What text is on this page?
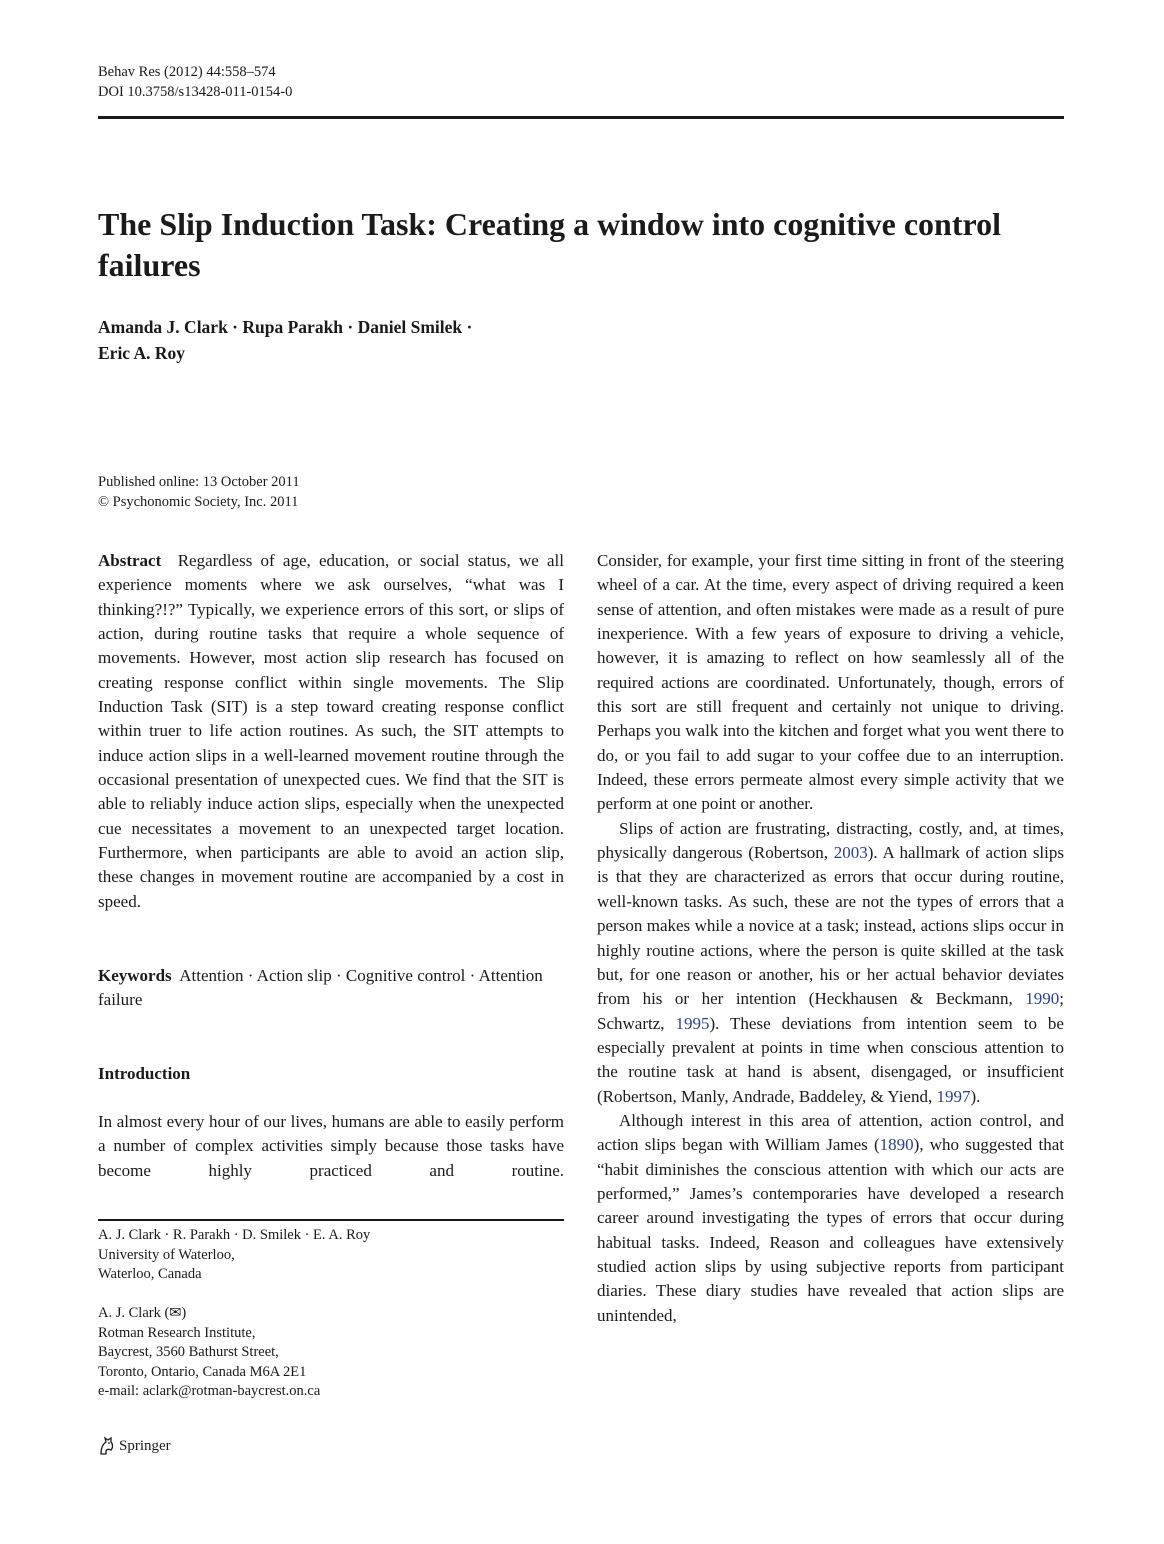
Behav Res (2012) 44:558–574
DOI 10.3758/s13428-011-0154-0
The Slip Induction Task: Creating a window into cognitive control failures
Amanda J. Clark · Rupa Parakh · Daniel Smilek ·
Eric A. Roy
Published online: 13 October 2011
© Psychonomic Society, Inc. 2011

Abstract Regardless of age, education, or social status, we all experience moments where we ask ourselves, “what was I thinking?!?” Typically, we experience errors of this sort, or slips of action, during routine tasks that require a whole sequence of movements. However, most action slip research has focused on creating response conflict within single movements. The Slip Induction Task (SIT) is a step toward creating response conflict within truer to life action routines. As such, the SIT attempts to induce action slips in a well-learned movement routine through the occasional presentation of unexpected cues. We find that the SIT is able to reliably induce action slips, especially when the unexpected cue necessitates a movement to an unexpected target location. Furthermore, when participants are able to avoid an action slip, these changes in movement routine are accompanied by a cost in speed.

Keywords Attention · Action slip · Cognitive control · Attention failure

Introduction

In almost every hour of our lives, humans are able to easily perform a number of complex activities simply because those tasks have become highly practiced and routine.

A. J. Clark · R. Parakh · D. Smilek · E. A. Roy
University of Waterloo,
Waterloo, Canada
A. J. Clark (✉)
Rotman Research Institute,
Baycrest, 3560 Bathurst Street,
Toronto, Ontario, Canada M6A 2E1
e-mail: aclark@rotman-baycrest.on.ca

Consider, for example, your first time sitting in front of the steering wheel of a car. At the time, every aspect of driving required a keen sense of attention, and often mistakes were made as a result of pure inexperience. With a few years of exposure to driving a vehicle, however, it is amazing to reflect on how seamlessly all of the required actions are coordinated. Unfortunately, though, errors of this sort are still frequent and certainly not unique to driving. Perhaps you walk into the kitchen and forget what you went there to do, or you fail to add sugar to your coffee due to an interruption. Indeed, these errors permeate almost every simple activity that we perform at one point or another.

Slips of action are frustrating, distracting, costly, and, at times, physically dangerous (Robertson, 2003). A hallmark of action slips is that they are characterized as errors that occur during routine, well-known tasks. As such, these are not the types of errors that a person makes while a novice at a task; instead, actions slips occur in highly routine actions, where the person is quite skilled at the task but, for one reason or another, his or her actual behavior deviates from his or her intention (Heckhausen & Beckmann, 1990; Schwartz, 1995). These deviations from intention seem to be especially prevalent at points in time when conscious attention to the routine task at hand is absent, disengaged, or insufficient (Robertson, Manly, Andrade, Baddeley, & Yiend, 1997).

Although interest in this area of attention, action control, and action slips began with William James (1890), who suggested that “habit diminishes the conscious attention with which our acts are performed,” James’s contemporaries have developed a research career around investigating the types of errors that occur during habitual tasks. Indeed, Reason and colleagues have extensively studied action slips by using subjective reports from participant diaries. These diary studies have revealed that action slips are unintended,

Springer
